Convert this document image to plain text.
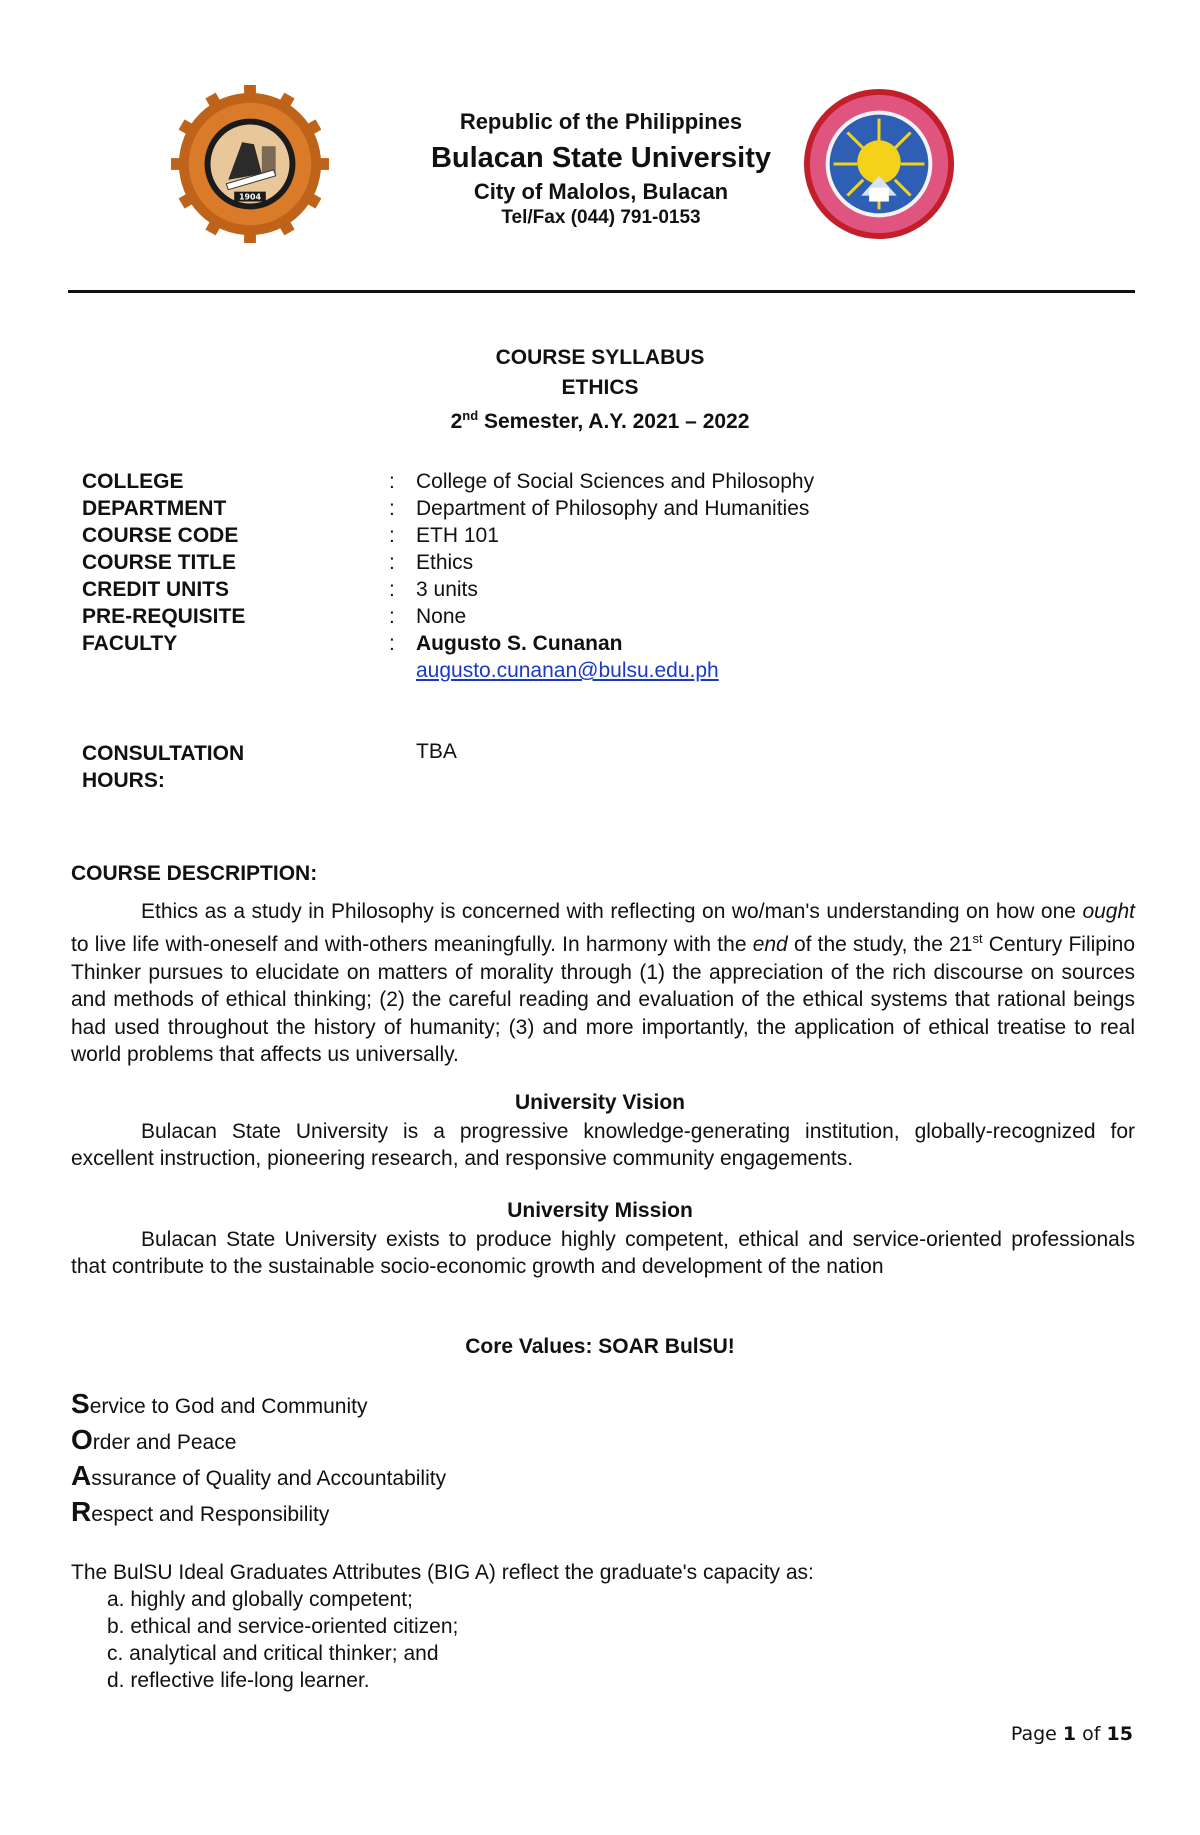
1904
Republic of the Philippines
Bulacan State University
City of Malolos, Bulacan
Tel/Fax (044) 791-0153
COURSE SYLLABUS
ETHICS
2nd Semester, A.Y. 2021 – 2022
COLLEGE	: College of Social Sciences and Philosophy
DEPARTMENT	: Department of Philosophy and Humanities
COURSE CODE	: ETH 101
COURSE TITLE	: Ethics
CREDIT UNITS	: 3 units
PRE-REQUISITE	: None
FACULTY	: Augusto S. Cunanan
augusto.cunanan@bulsu.edu.ph
CONSULTATION
HOURS:
TBA
COURSE DESCRIPTION:

Ethics as a study in Philosophy is concerned with reflecting on wo/man's understanding on how one ought to live life with-oneself and with-others meaningfully. In harmony with the end of the study, the 21st Century Filipino Thinker pursues to elucidate on matters of morality through (1) the appreciation of the rich discourse on sources and methods of ethical thinking; (2) the careful reading and evaluation of the ethical systems that rational beings had used throughout the history of humanity; (3) and more importantly, the application of ethical treatise to real world problems that affects us universally.

University Vision

Bulacan State University is a progressive knowledge-generating institution, globally-recognized for excellent instruction, pioneering research, and responsive community engagements.

University Mission

Bulacan State University exists to produce highly competent, ethical and service-oriented professionals that contribute to the sustainable socio-economic growth and development of the nation

Core Values: SOAR BulSU!
Service to God and Community
Order and Peace
Assurance of Quality and Accountability
Respect and Responsibility
The BulSU Ideal Graduates Attributes (BIG A) reflect the graduate's capacity as:
a. highly and globally competent;
b. ethical and service-oriented citizen;
c. analytical and critical thinker; and
d. reflective life-long learner.
Page 1 of 15
